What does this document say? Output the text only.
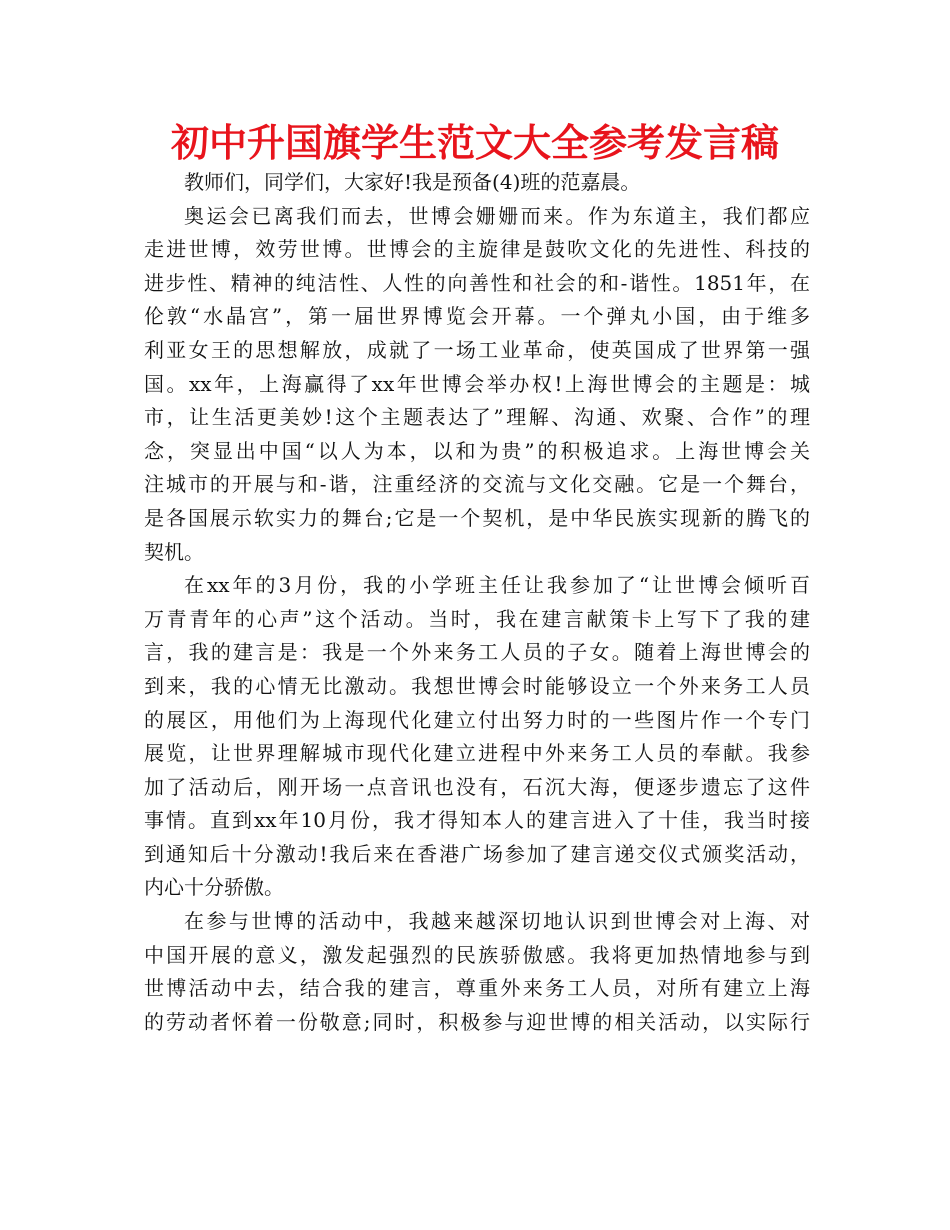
初中升国旗学生范文大全参考发言稿
教师们，同学们，大家好!我是预备(4)班的范嘉晨。
奥运会已离我们而去，世博会姗姗而来。作为东道主，我们都应
走进世博，效劳世博。世博会的主旋律是鼓吹文化的先进性、科技的
进步性、精神的纯洁性、人性的向善性和社会的和-谐性。1851年，在
伦敦“水晶宫”，第一届世界博览会开幕。一个弹丸小国，由于维多
利亚女王的思想解放，成就了一场工业革命，使英国成了世界第一强
国。xx年，上海赢得了xx年世博会举办权!上海世博会的主题是：城
市，让生活更美妙!这个主题表达了”理解、沟通、欢聚、合作”的理
念，突显出中国“以人为本，以和为贵”的积极追求。上海世博会关
注城市的开展与和-谐，注重经济的交流与文化交融。它是一个舞台，
是各国展示软实力的舞台;它是一个契机，是中华民族实现新的腾飞的
契机。
在xx年的3月份，我的小学班主任让我参加了“让世博会倾听百
万青青年的心声”这个活动。当时，我在建言献策卡上写下了我的建
言，我的建言是：我是一个外来务工人员的子女。随着上海世博会的
到来，我的心情无比激动。我想世博会时能够设立一个外来务工人员
的展区，用他们为上海现代化建立付出努力时的一些图片作一个专门
展览，让世界理解城市现代化建立进程中外来务工人员的奉献。我参
加了活动后，刚开场一点音讯也没有，石沉大海，便逐步遗忘了这件
事情。直到xx年10月份，我才得知本人的建言进入了十佳，我当时接
到通知后十分激动!我后来在香港广场参加了建言递交仪式颁奖活动，
内心十分骄傲。
在参与世博的活动中，我越来越深切地认识到世博会对上海、对
中国开展的意义，激发起强烈的民族骄傲感。我将更加热情地参与到
世博活动中去，结合我的建言，尊重外来务工人员，对所有建立上海
的劳动者怀着一份敬意;同时，积极参与迎世博的相关活动，以实际行
